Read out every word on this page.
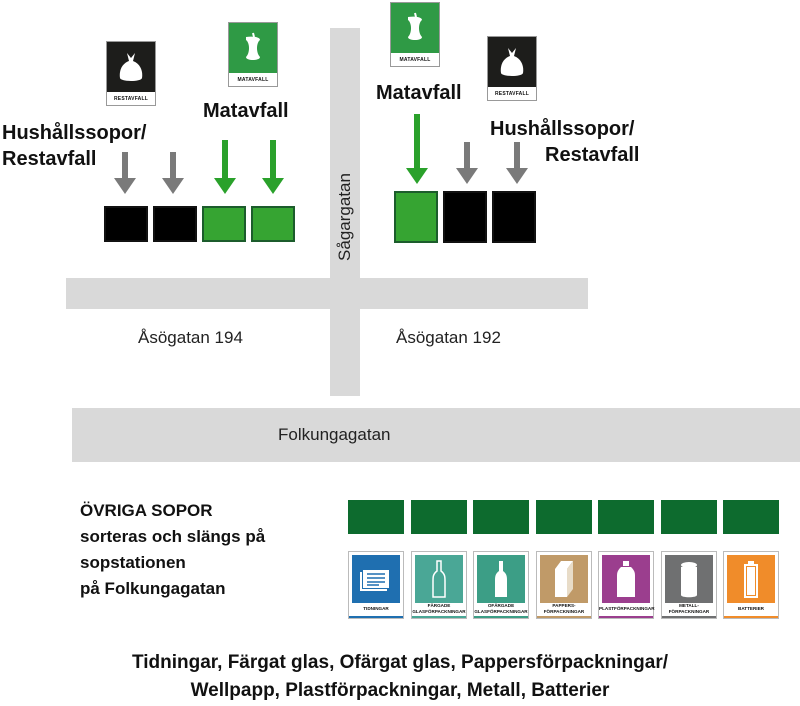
Sågargatan
Åsögatan 194	Åsögatan 192
Folkungagatan
RESTAVFALL
MATAVFALL
Matavfall
Hushållssopor/
Restavfall
MATAVFALL
RESTAVFALL
Matavfall
Hushållssopor/
Restavfall
ÖVRIGA SOPOR
sorteras och slängs på
sopstationen
på Folkungagatan
TIDNINGAR
FÄRGADE
GLASFÖRPACKNINGAR
OFÄRGADE
GLASFÖRPACKNINGAR
PAPPERS-
FÖRPACKNINGAR	PLASTFÖRPACKNINGAR
METALL-
FÖRPACKNINGAR	BATTERIER
Tidningar, Färgat glas, Ofärgat glas, Pappersförpackningar/
Wellpapp, Plastförpackningar, Metall, Batterier
